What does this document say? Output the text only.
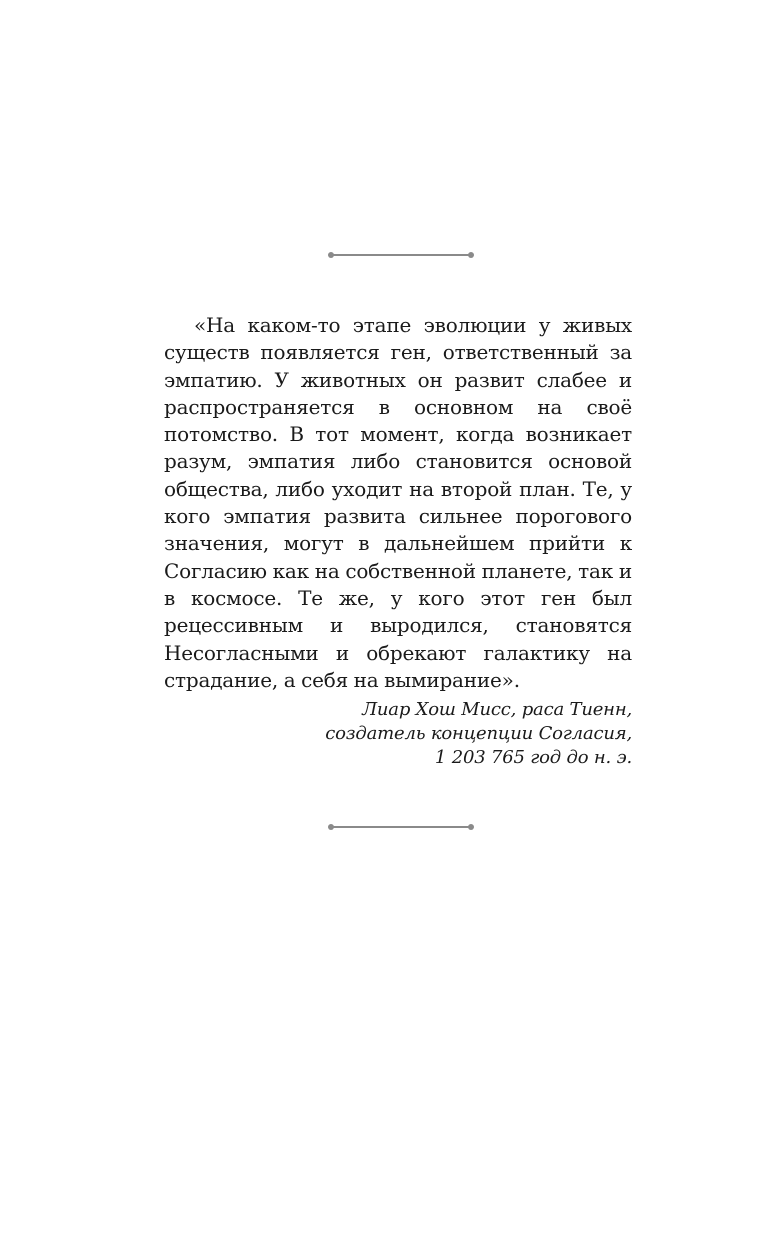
«На каком-то этапе эволюции у живых существ появляется ген, ответственный за эмпатию. У животных он развит слабее и распространяется в основном на своё потомство. В тот момент, когда возникает разум, эмпатия либо становится основой общества, либо уходит на второй план. Те, у кого эмпатия развита сильнее порогового значения, могут в дальнейшем прийти к Согласию как на собственной планете, так и в космосе. Те же, у кого этот ген был рецессивным и выродился, становятся Несогласными и обрекают галактику на страдание, а себя на вымирание».

Лиар Хош Мисс, раса Тиенн,
создатель концепции Согласия,
1 203 765 год до н. э.
